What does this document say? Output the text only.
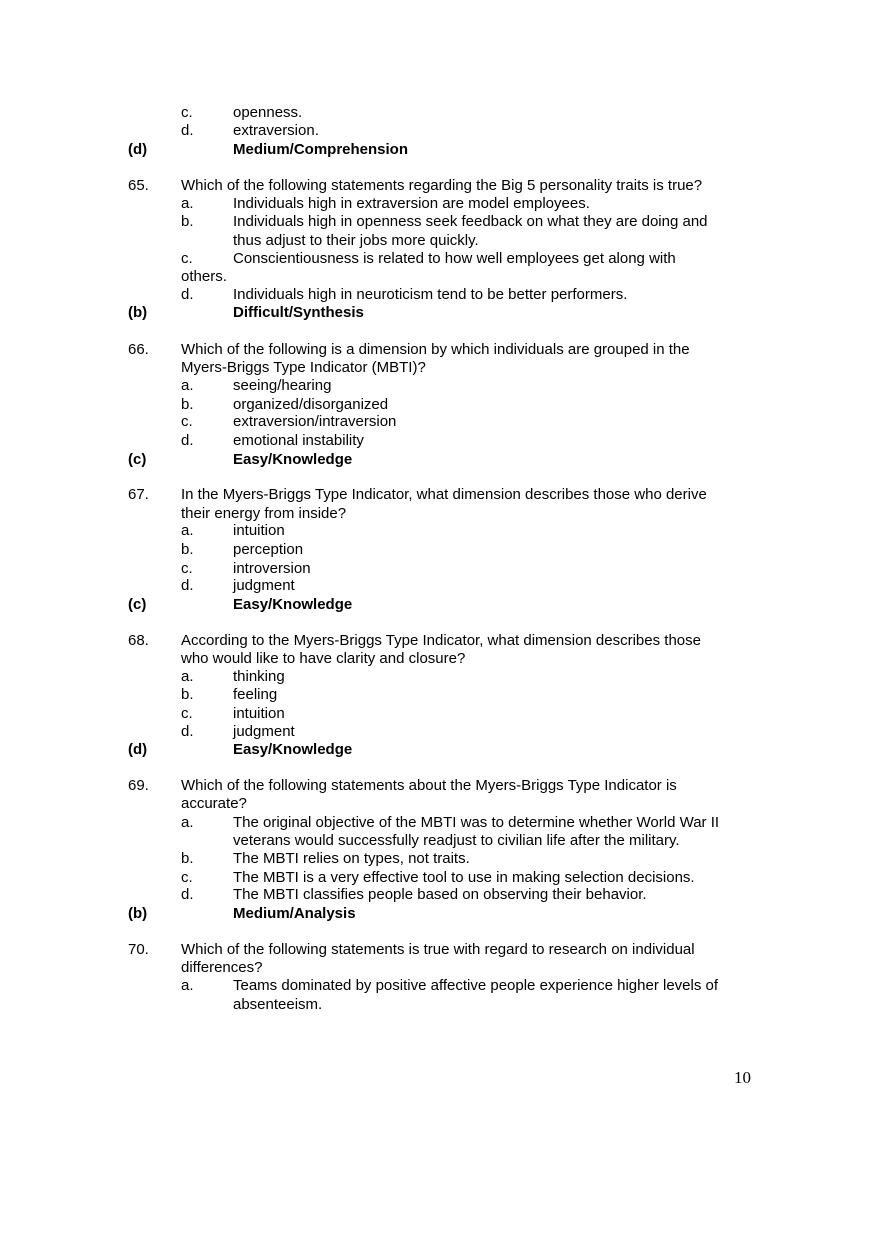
c.	openness.
d.	extraversion.
(d)	Medium/Comprehension
65. Which of the following statements regarding the Big 5 personality traits is true?
a.	Individuals high in extraversion are model employees.
b.	Individuals high in openness seek feedback on what they are doing and
thus adjust to their jobs more quickly.
c.	Conscientiousness is related to how well employees get along with
others.
d.	Individuals high in neuroticism tend to be better performers.
(b)	Difficult/Synthesis
66. Which of the following is a dimension by which individuals are grouped in the
Myers-Briggs Type Indicator (MBTI)?
a.	seeing/hearing
b.	organized/disorganized
c.	extraversion/intraversion
d.	emotional instability
(c)	Easy/Knowledge
67. In the Myers-Briggs Type Indicator, what dimension describes those who derive
their energy from inside?
a.	intuition
b.	perception
c.	introversion
d.	judgment
(c)	Easy/Knowledge
68. According to the Myers-Briggs Type Indicator, what dimension describes those
who would like to have clarity and closure?
a.	thinking
b.	feeling
c.	intuition
d.	judgment
(d)	Easy/Knowledge
69. Which of the following statements about the Myers-Briggs Type Indicator is
accurate?
a.	The original objective of the MBTI was to determine whether World War II
veterans would successfully readjust to civilian life after the military.
b.	The MBTI relies on types, not traits.
c.	The MBTI is a very effective tool to use in making selection decisions.
d.	The MBTI classifies people based on observing their behavior.
(b)	Medium/Analysis
70. Which of the following statements is true with regard to research on individual
differences?
a.	Teams dominated by positive affective people experience higher levels of
absenteeism.
10
